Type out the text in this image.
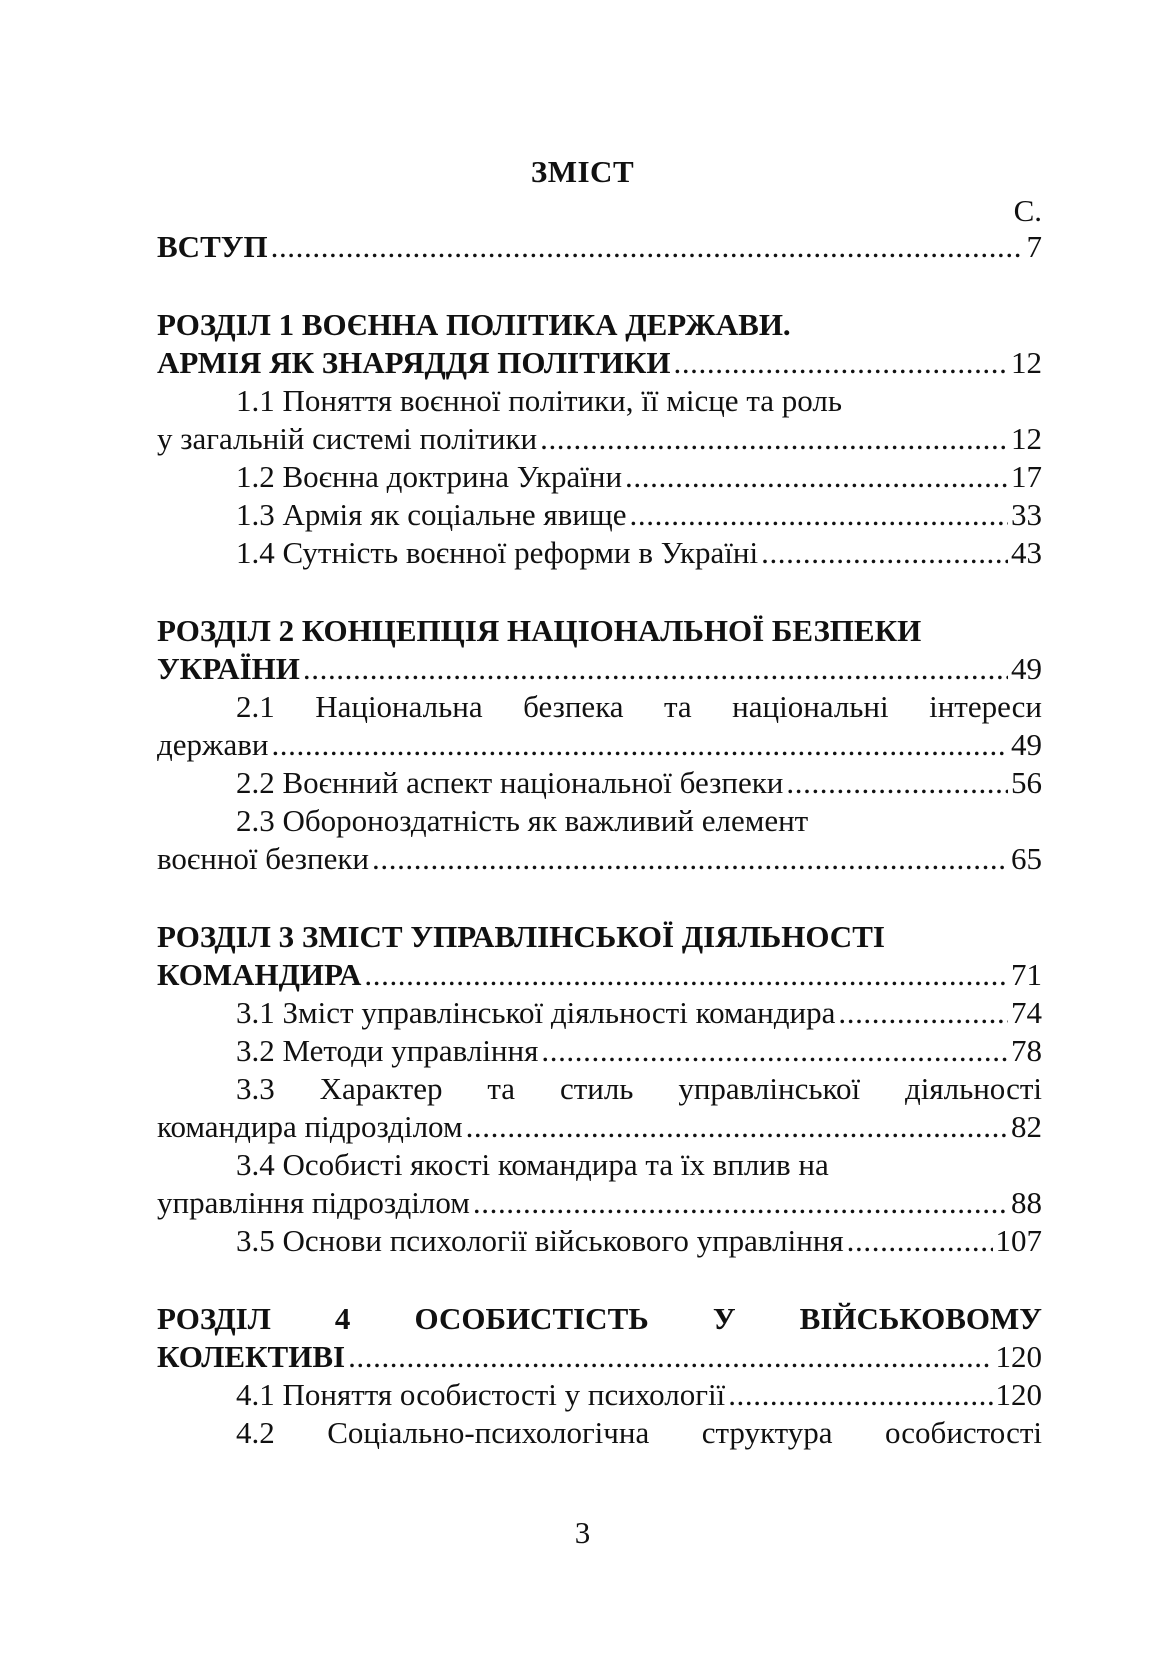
ЗМІСТ
С.
ВСТУП .....	7
РОЗДІЛ 1 ВОЄННА ПОЛІТИКА ДЕРЖАВИ.
АРМІЯ ЯК ЗНАРЯДДЯ ПОЛІТИКИ .....	12
1.1 Поняття воєнної політики, її місце та роль
у загальній системі політики .....	12
1.2 Воєнна доктрина України .....	17
1.3 Армія як соціальне явище .....	33
1.4 Сутність воєнної реформи в Україні .....	43
РОЗДІЛ 2 КОНЦЕПЦІЯ НАЦІОНАЛЬНОЇ БЕЗПЕКИ
УКРАЇНИ .....	49
2.1 Національна безпека та національні інтереси
держави .....	49
2.2 Воєнний аспект національної безпеки .....	56
2.3 Обороноздатність як важливий елемент
воєнної безпеки .....	65
РОЗДІЛ 3 ЗМІСТ УПРАВЛІНСЬКОЇ ДІЯЛЬНОСТІ
КОМАНДИРА .....	71
3.1 Зміст управлінської діяльності командира .....	74
3.2 Методи управління .....	78
3.3 Характер та стиль управлінської діяльності
командира підрозділом .....	82
3.4 Особисті якості командира та їх вплив на
управління підрозділом .....	88
3.5 Основи психології військового управління .....	107
РОЗДІЛ 4 ОСОБИСТІСТЬ У ВІЙСЬКОВОМУ
КОЛЕКТИВІ .....	120
4.1 Поняття особистості у психології .....	120
4.2 Соціально-психологічна структура особистості
3
